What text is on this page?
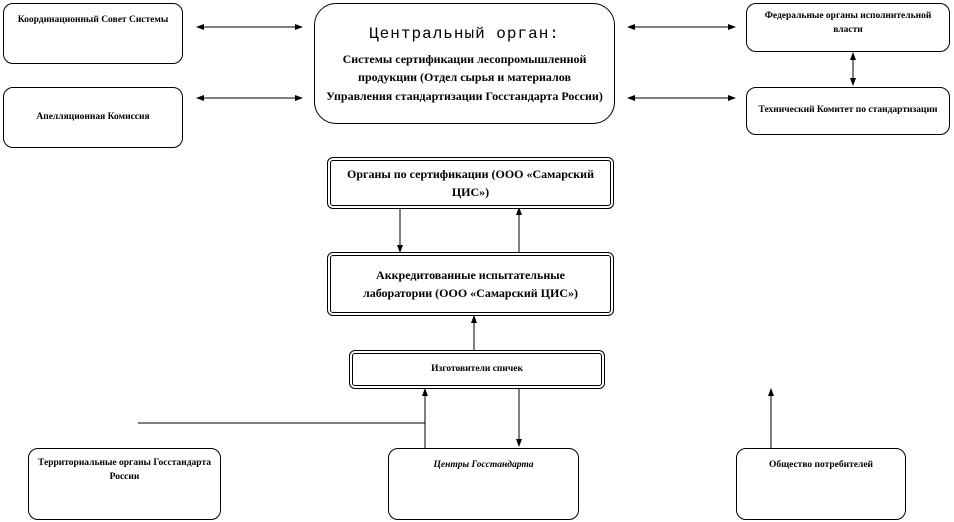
Координационный Совет Системы
Апелляционная Комиссия
Центральный орган:
Системы сертификации лесопромышленной продукции (Отдел сырья и материалов Управления стандартизации Госстандарта России)
Федеральные органы исполнительной власти
Технический Комитет по стандартизации
Органы по сертификации (ООО «Самарский ЦИС»)
Аккредитованные испытательные лаборатории (ООО «Самарский ЦИС»)
Изготовители спичек
Территориальные органы Госстандарта России
Центры Госстандарта	Общество потребителей
